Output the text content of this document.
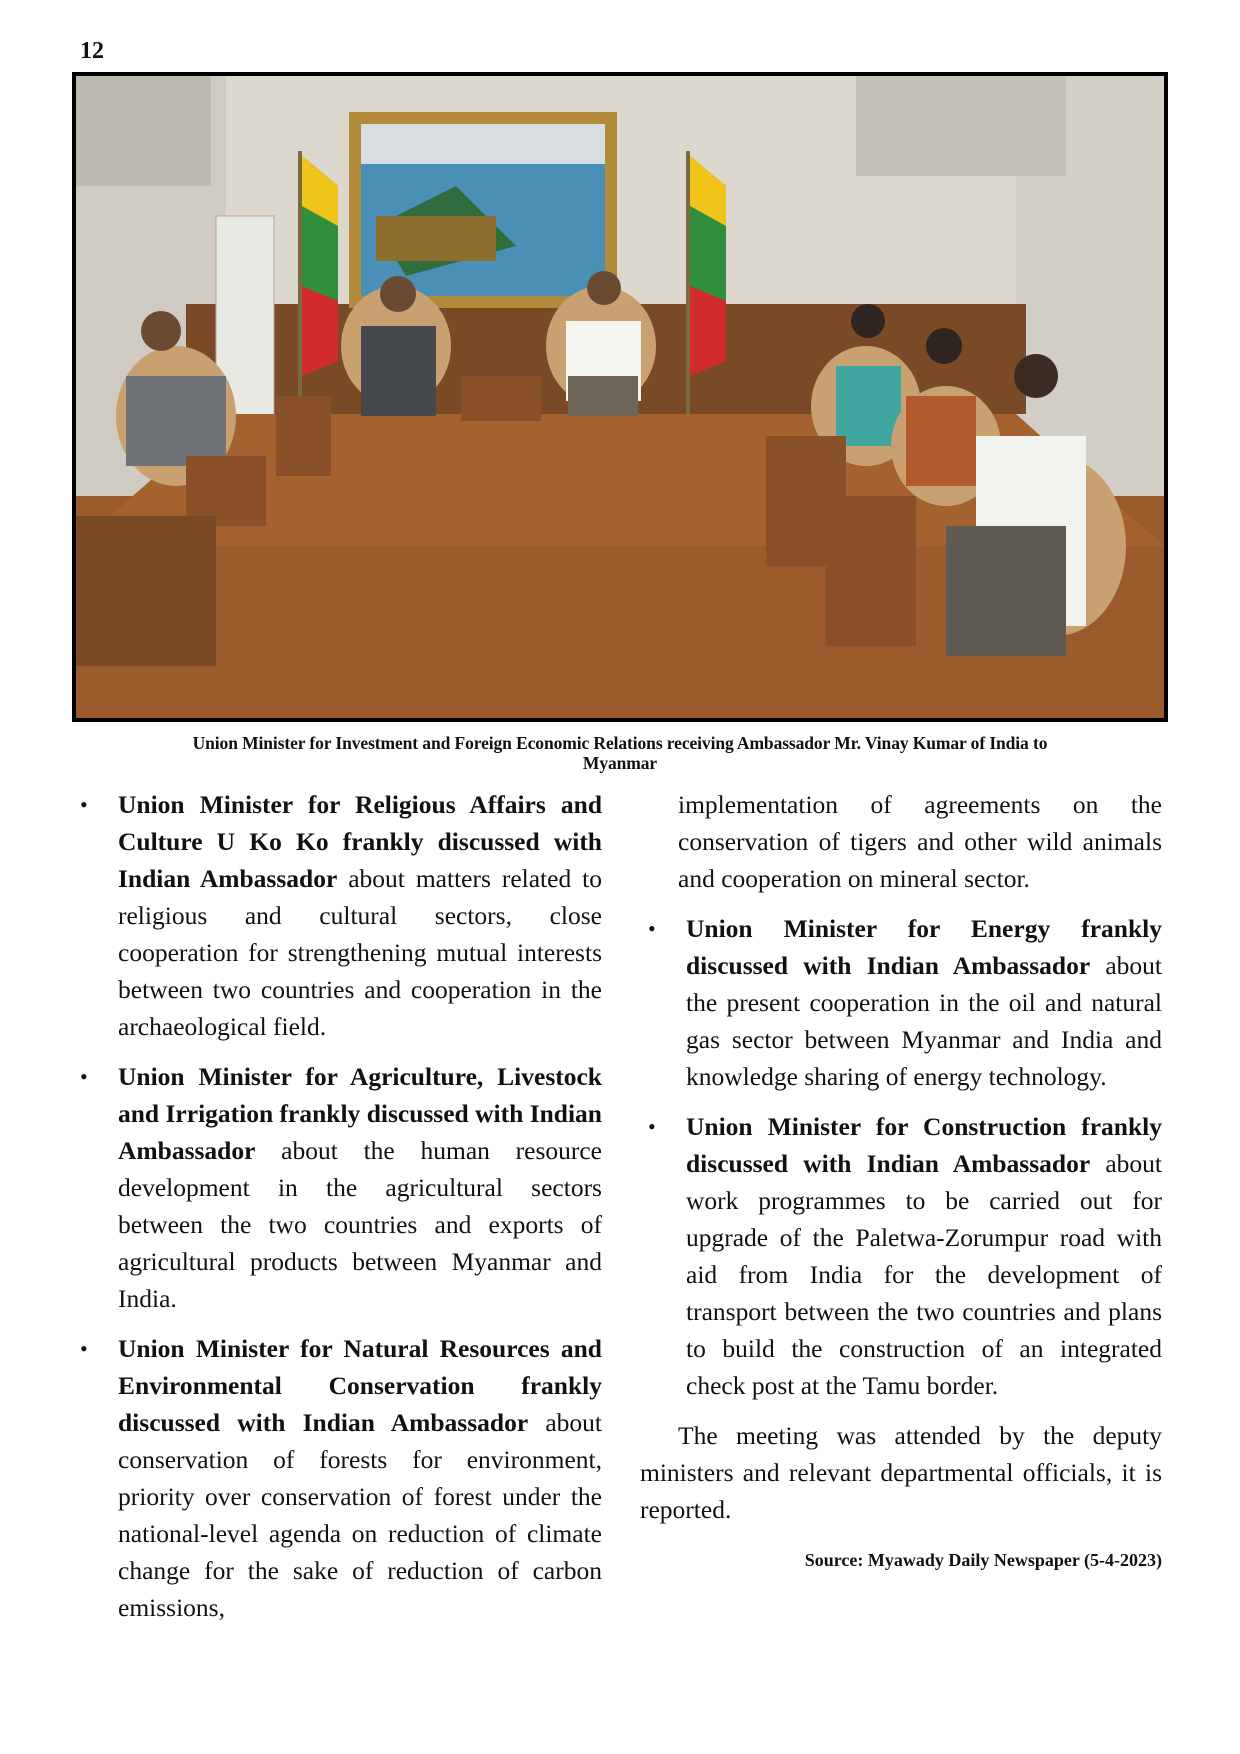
12
Union Minister for Investment and Foreign Economic Relations receiving Ambassador Mr. Vinay Kumar of India to
Myanmar
• Union Minister for Religious Affairs and Culture U Ko Ko frankly discussed with Indian Ambassador about matters related to religious and cultural sectors, close cooperation for strengthening mutual interests between two countries and cooperation in the archaeological field.
• Union Minister for Agriculture, Livestock and Irrigation frankly discussed with Indian Ambassador about the human resource development in the agricultural sectors between the two countries and exports of agricultural products between Myanmar and India.
• Union Minister for Natural Resources and Environmental Conservation frankly discussed with Indian Ambassador about conservation of forests for environment, priority over conservation of forest under the national-level agenda on reduction of climate change for the sake of reduction of carbon emissions,
implementation of agreements on the conservation of tigers and other wild animals and cooperation on mineral sector.
• Union Minister for Energy frankly discussed with Indian Ambassador about the present cooperation in the oil and natural gas sector between Myanmar and India and knowledge sharing of energy technology.
• Union Minister for Construction frankly discussed with Indian Ambassador about work programmes to be carried out for upgrade of the Paletwa-Zorumpur road with aid from India for the development of transport between the two countries and plans to build the construction of an integrated check post at the Tamu border.
The meeting was attended by the deputy ministers and relevant departmental officials, it is reported.
Source: Myawady Daily Newspaper (5-4-2023)
